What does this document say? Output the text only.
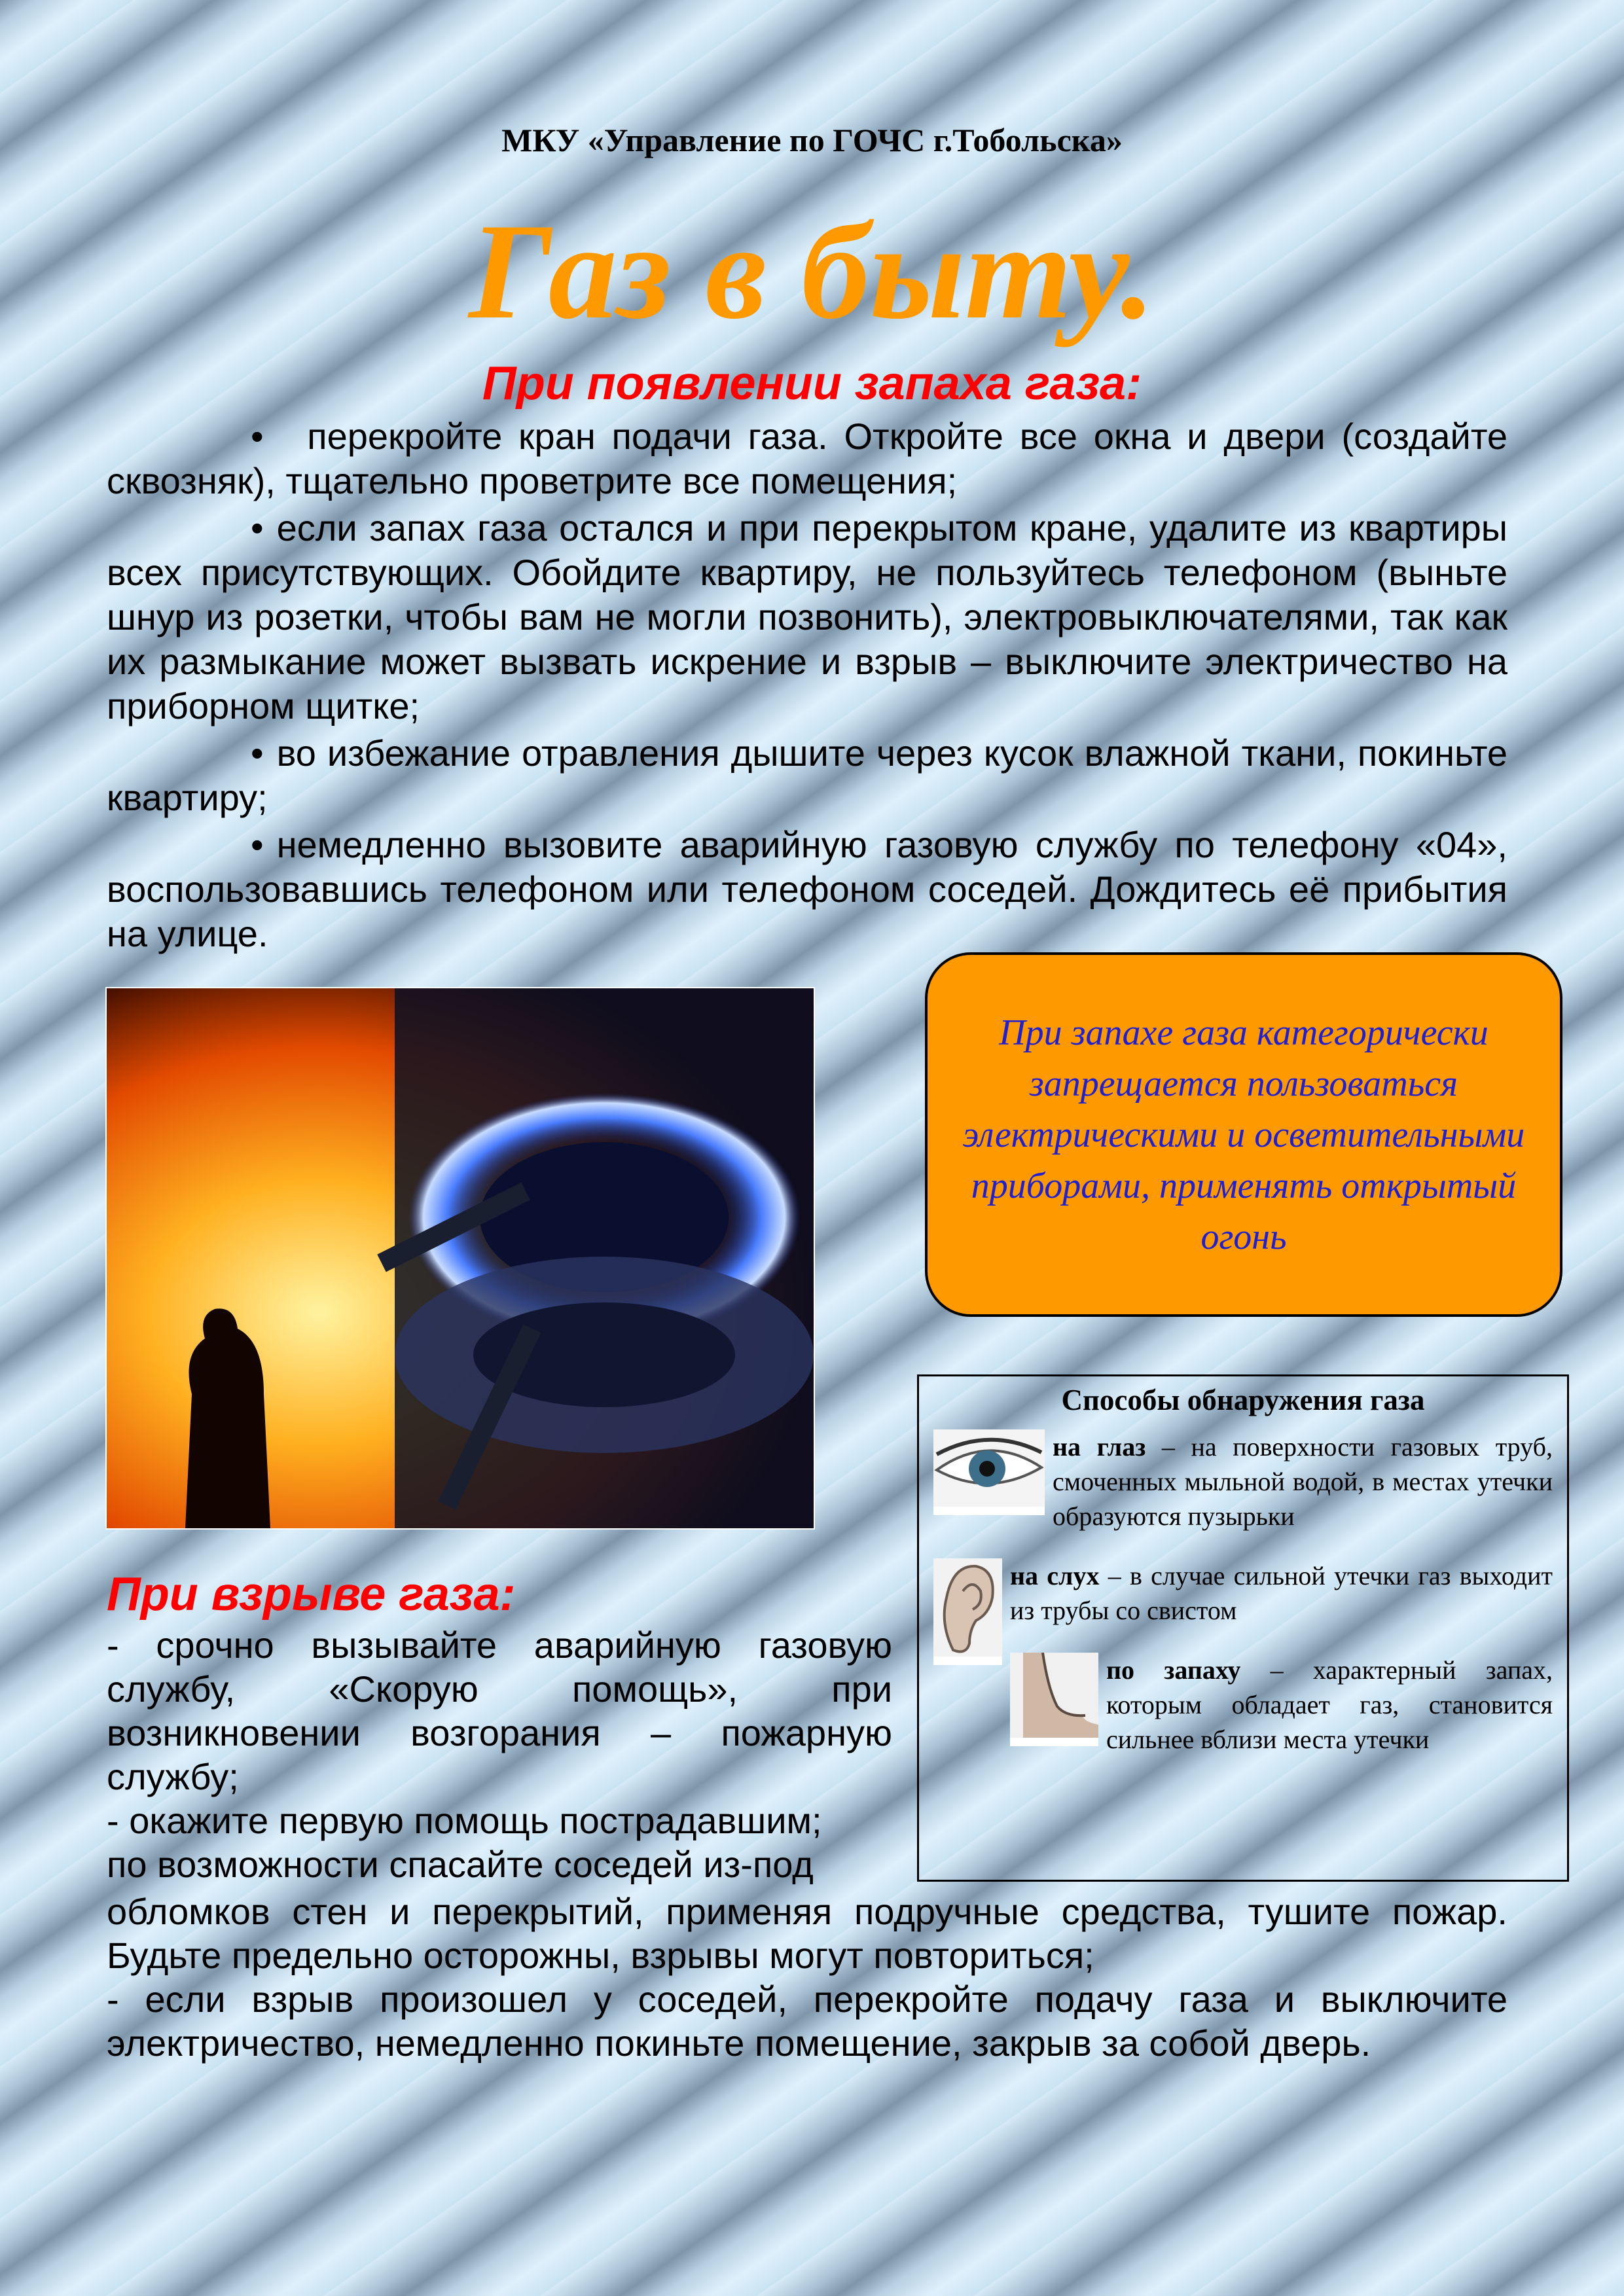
МКУ «Управление по ГОЧС г.Тобольска»
Газ в быту.
При появлении запаха газа:
•   перекройте кран подачи газа. Откройте все окна и двери (создайте сквозняк), тщательно проветрите все помещения;
• если запах газа остался и при перекрытом кране, удалите из квартиры всех присутствующих. Обойдите квартиру, не пользуйтесь телефоном (выньте шнур из розетки, чтобы вам не могли позвонить), электровыключателями, так как их размыкание может вызвать искрение и взрыв – выключите электричество на приборном щитке;
• во избежание отравления дышите через кусок влажной ткани, покиньте квартиру;
• немедленно вызовите аварийную газовую службу по телефону «04», воспользовавшись телефоном или телефоном соседей. Дождитесь её прибытия на улице.
При запахе газа категорически запрещается пользоваться электрическими и осветительными приборами, применять открытый огонь
Способы обнаружения газа
на глаз – на поверхности газовых труб, смоченных мыльной водой, в местах утечки образуются пузырьки
на слух – в случае сильной утечки газ выходит из трубы со свистом
по запаху – характерный запах, которым обладает газ, становится сильнее вблизи места утечки
При взрыве газа:
- срочно вызывайте аварийную газовую службу, «Скорую помощь», при возникновении возгорания – пожарную службу;
- окажите первую помощь пострадавшим;
по возможности спасайте соседей из-под
обломков стен и перекрытий, применяя подручные средства, тушите пожар. Будьте предельно осторожны, взрывы могут повториться;
- если взрыв произошел у соседей, перекройте подачу газа и выключите электричество, немедленно покиньте помещение, закрыв за собой дверь.
